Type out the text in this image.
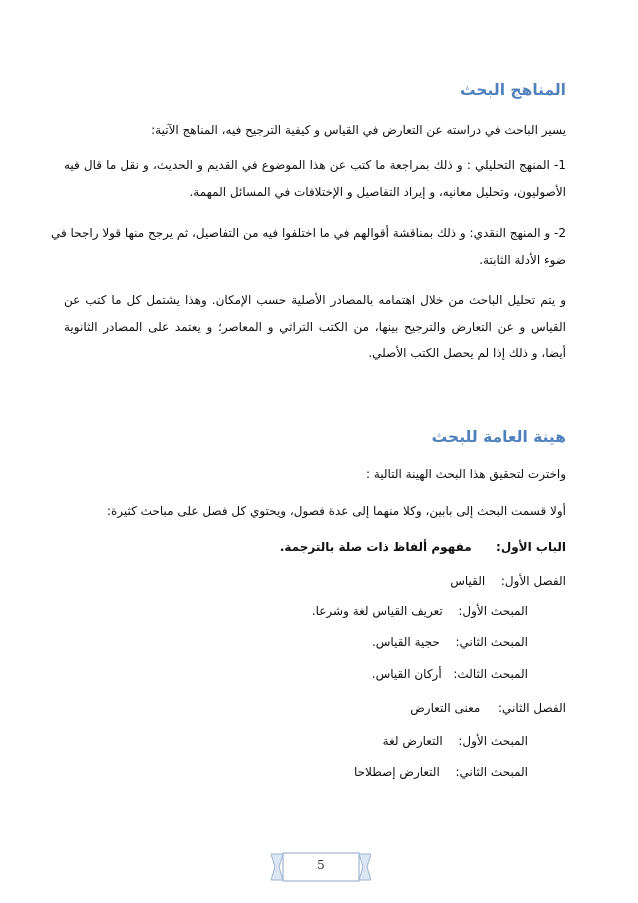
المناهج البحث
يسير الباحث في دراسته عن التعارض في القياس و كيفية الترجيح فيه، المناهج الآتية:
1- المنهج التحليلي : و ذلك بمراجعة ما كتب عن هذا الموضوع في القديم و الحديث، و نقل ما قال فيه
الأصوليون، وتحليل معانيه، و إيراد التفاصيل و الإختلافات في المسائل المهمة.
2- و المنهج النقدي: و ذلك بمناقشة أقوالهم في ما اختلفوا فيه من التفاصيل، ثم يرجح منها قولا راجحا في
ضوء الأدلة الثابتة.
و يتم تحليل الباحث من خلال اهتمامه بالمصادر الأصلية حسب الإمكان. وهذا يشتمل كل ما كتب عن
القياس و عن التعارض والترجيح بينها، من الكتب التراثي و المعاصر؛ و يعتمد على المصادر الثانوية
أيضا، و ذلك إذا لم يحصل الكتب الأصلي.
هينة العامة للبحث
واخترت لتحقيق هذا البحث الهينة التالية :
أولا قسمت البحث إلى بابين، وكلا منهما إلى عدة فصول، ويحتوي كل فصل على مباحث كثيرة:
الباب الأول:  مفهوم ألفاظ ذات صلة بالترجمة.
الفصل الأول:  القياس
المبحث الأول:  تعريف القياس لغة وشرعا.
المبحث الثاني:  حجية القياس.
المبحث الثالث:  أركان القياس.
الفصل الثاني:  معنى التعارض
المبحث الأول:  التعارض لغة
المبحث الثاني:  التعارض إصطلاحا
5
